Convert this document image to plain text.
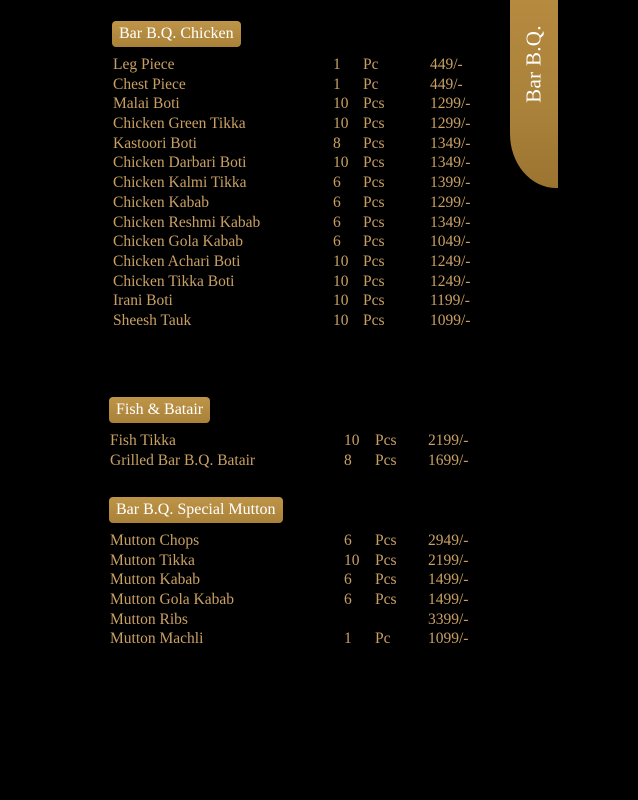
Bar B.Q.
Bar B.Q. Chicken
Leg Piece	1 Pc	449/-
Chest Piece	1 Pc	449/-
Malai Boti	10 Pcs	1299/-
Chicken Green Tikka	10 Pcs	1299/-
Kastoori Boti	8 Pcs	1349/-
Chicken Darbari Boti	10 Pcs	1349/-
Chicken Kalmi Tikka	6 Pcs	1399/-
Chicken Kabab	6 Pcs	1299/-
Chicken Reshmi Kabab	6 Pcs	1349/-
Chicken Gola Kabab	6 Pcs	1049/-
Chicken Achari Boti	10 Pcs	1249/-
Chicken Tikka Boti	10 Pcs	1249/-
Irani Boti	10 Pcs	1199/-
Sheesh Tauk	10 Pcs	1099/-
Fish & Batair
Fish Tikka	10 Pcs 2199/-
Grilled Bar B.Q. Batair	8 Pcs 1699/-
Bar B.Q. Special Mutton
Mutton Chops	6 Pcs 2949/-
Mutton Tikka	10 Pcs 2199/-
Mutton Kabab	6 Pcs 1499/-
Mutton Gola Kabab	6 Pcs 1499/-
Mutton Ribs	3399/-
Mutton Machli	1 Pc 1099/-
